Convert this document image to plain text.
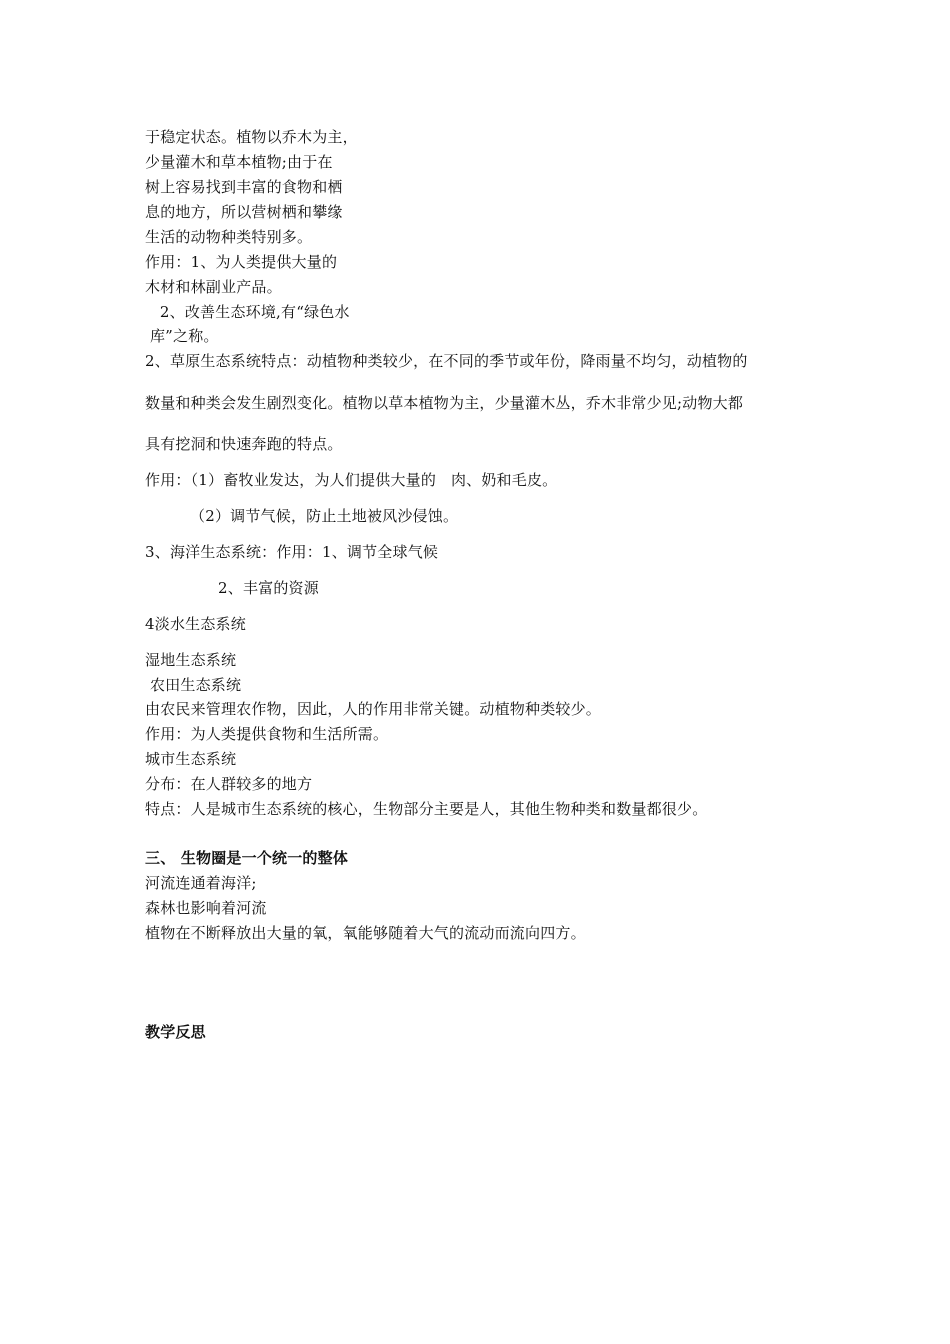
于稳定状态。植物以乔木为主，
少量灌木和草本植物;由于在
树上容易找到丰富的食物和栖
息的地方，所以营树栖和攀缘
生活的动物种类特别多。
作用：1、为人类提供大量的
木材和林副业产品。
2、改善生态环境,有“绿色水
库”之称。
2、草原生态系统特点：动植物种类较少，在不同的季节或年份，降雨量不均匀，动植物的
数量和种类会发生剧烈变化。植物以草本植物为主，少量灌木丛，乔木非常少见;动物大都
具有挖洞和快速奔跑的特点。
作用：（1）畜牧业发达，为人们提供大量的   肉、奶和毛皮。
（2）调节气候，防止土地被风沙侵蚀。
3、海洋生态系统：作用：1、调节全球气候
2、丰富的资源
4淡水生态系统
湿地生态系统
农田生态系统
由农民来管理农作物，因此，人的作用非常关键。动植物种类较少。
作用：为人类提供食物和生活所需。
城市生态系统
分布：在人群较多的地方
特点：人是城市生态系统的核心，生物部分主要是人，其他生物种类和数量都很少。
三、 生物圈是一个统一的整体
河流连通着海洋;
森林也影响着河流
植物在不断释放出大量的氧，氧能够随着大气的流动而流向四方。
教学反思
